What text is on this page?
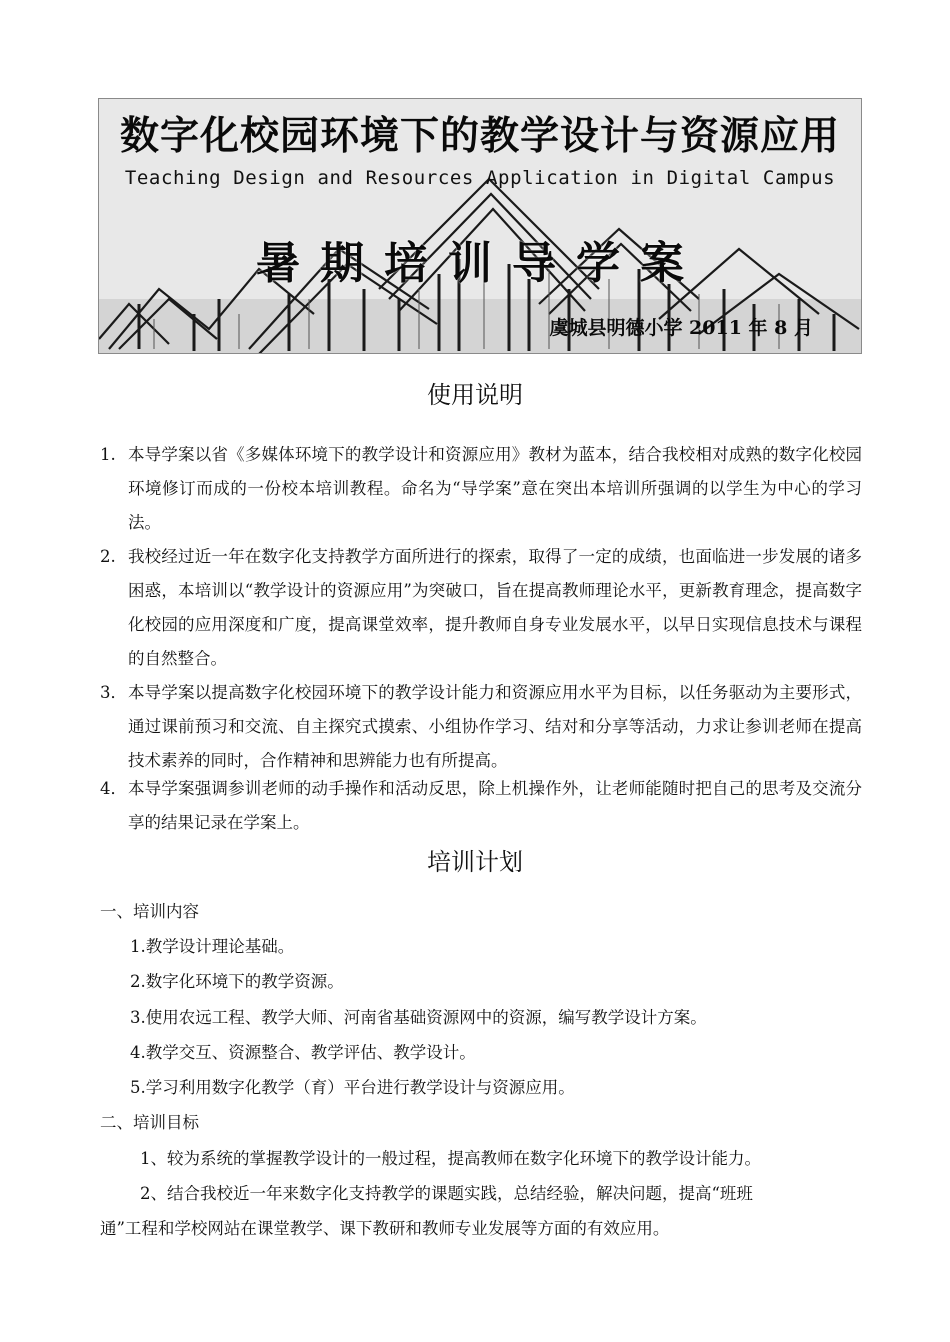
数字化校园环境下的教学设计与资源应用
Teaching Design and Resources Application in Digital Campus
暑期培训导学案
虞城县明德小学 2011 年 8 月
使用说明
1. 本导学案以省《多媒体环境下的教学设计和资源应用》教材为蓝本，结合我校相对成熟的数字化校园环境修订而成的一份校本培训教程。命名为“导学案”意在突出本培训所强调的以学生为中心的学习法。
2. 我校经过近一年在数字化支持教学方面所进行的探索，取得了一定的成绩，也面临进一步发展的诸多困惑，本培训以“教学设计的资源应用”为突破口，旨在提高教师理论水平，更新教育理念，提高数字化校园的应用深度和广度，提高课堂效率，提升教师自身专业发展水平，以早日实现信息技术与课程的自然整合。
3． 本导学案以提高数字化校园环境下的教学设计能力和资源应用水平为目标，以任务驱动为主要形式，通过课前预习和交流、自主探究式摸索、小组协作学习、结对和分享等活动，力求让参训老师在提高技术素养的同时，合作精神和思辨能力也有所提高。
4． 本导学案强调参训老师的动手操作和活动反思，除上机操作外，让老师能随时把自己的思考及交流分享的结果记录在学案上。
培训计划
一、培训内容
1.教学设计理论基础。
2.数字化环境下的教学资源。
3.使用农远工程、教学大师、河南省基础资源网中的资源，编写教学设计方案。
4.教学交互、资源整合、教学评估、教学设计。
5.学习利用数字化教学（育）平台进行教学设计与资源应用。
二、培训目标
1、较为系统的掌握教学设计的一般过程，提高教师在数字化环境下的教学设计能力。
2、结合我校近一年来数字化支持教学的课题实践，总结经验，解决问题，提高“班班
通”工程和学校网站在课堂教学、课下教研和教师专业发展等方面的有效应用。
